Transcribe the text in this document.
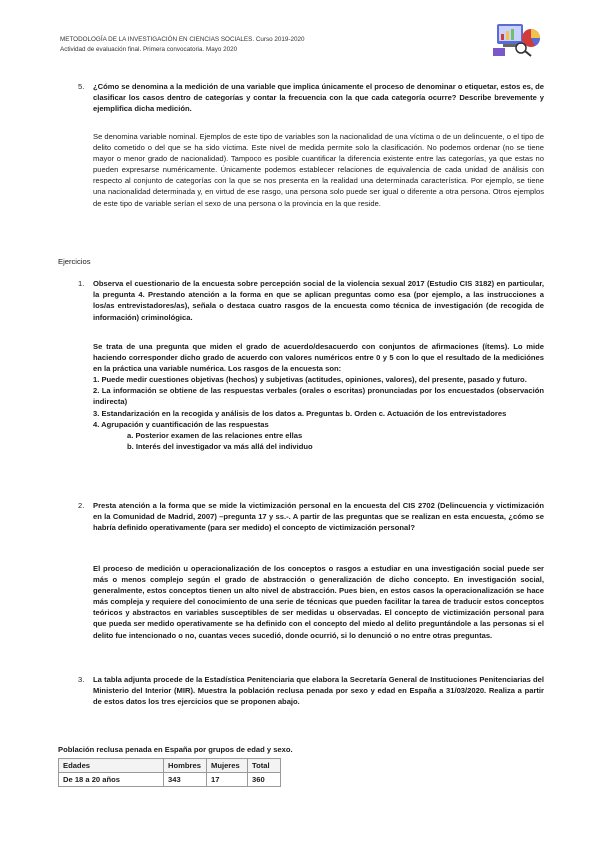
METODOLOGÍA DE LA INVESTIGACIÓN EN CIENCIAS SOCIALES. Curso 2019-2020
Actividad de evaluación final. Primera convocatoria. Mayo 2020
5. ¿Cómo se denomina a la medición de una variable que implica únicamente el proceso de denominar o etiquetar, estos es, de clasificar los casos dentro de categorías y contar la frecuencia con la que cada categoría ocurre? Describe brevemente y ejemplifica dicha medición.
Se denomina variable nominal. Ejemplos de este tipo de variables son la nacionalidad de una víctima o de un delincuente, o el tipo de delito cometido o del que se ha sido víctima. Este nivel de medida permite solo la clasificación. No podemos ordenar (no se tiene mayor o menor grado de nacionalidad). Tampoco es posible cuantificar la diferencia existente entre las categorías, ya que estas no pueden expresarse numéricamente. Únicamente podemos establecer relaciones de equivalencia de cada unidad de análisis con respecto al conjunto de categorías con la que se nos presenta en la realidad una determinada característica. Por ejemplo, se tiene una nacionalidad determinada y, en virtud de ese rasgo, una persona solo puede ser igual o diferente a otra persona. Otros ejemplos de este tipo de variable serían el sexo de una persona o la provincia en la que reside.
Ejercicios
1. Observa el cuestionario de la encuesta sobre percepción social de la violencia sexual 2017 (Estudio CIS 3182) en particular, la pregunta 4. Prestando atención a la forma en que se aplican preguntas como esa (por ejemplo, a las instrucciones a los/as entrevistadores/as), señala o destaca cuatro rasgos de la encuesta como técnica de investigación (de recogida de información) criminológica.
Se trata de una pregunta que miden el grado de acuerdo/desacuerdo con conjuntos de afirmaciones (ítems). Lo mide haciendo corresponder dicho grado de acuerdo con valores numéricos entre 0 y 5 con lo que el resultado de la mediciónes en la práctica una variable numérica. Los rasgos de la encuesta son:
1. Puede medir cuestiones objetivas (hechos) y subjetivas (actitudes, opiniones, valores), del presente, pasado y futuro.
2. La información se obtiene de las respuestas verbales (orales o escritas) pronunciadas por los encuestados (observación indirecta)
3. Estandarización en la recogida y análisis de los datos a. Preguntas b. Orden c. Actuación de los entrevistadores
4. Agrupación y cuantificación de las respuestas
a. Posterior examen de las relaciones entre ellas
b. Interés del investigador va más allá del individuo
2. Presta atención a la forma que se mide la victimización personal en la encuesta del CIS 2702 (Delincuencia y victimización en la Comunidad de Madrid, 2007) –pregunta 17 y ss.-. A partir de las preguntas que se realizan en esta encuesta, ¿cómo se habría definido operativamente (para ser medido) el concepto de victimización personal?
El proceso de medición u operacionalización de los conceptos o rasgos a estudiar en una investigación social puede ser más o menos complejo según el grado de abstracción o generalización de dicho concepto. En investigación social, generalmente, estos conceptos tienen un alto nivel de abstracción. Pues bien, en estos casos la operacionalización se hace más compleja y requiere del conocimiento de una serie de técnicas que pueden facilitar la tarea de traducir estos conceptos teóricos y abstractos en variables susceptibles de ser medidas u observadas. El concepto de victimización personal para que pueda ser medido operativamente se ha definido con el concepto del miedo al delito preguntándole a las personas si el delito fue intencionado o no, cuantas veces sucedió, donde ocurrió, si lo denunció o no entre otras preguntas.
3. La tabla adjunta procede de la Estadística Penitenciaria que elabora la Secretaría General de Instituciones Penitenciarias del Ministerio del Interior (MIR). Muestra la población reclusa penada por sexo y edad en España a 31/03/2020. Realiza a partir de estos datos los tres ejercicios que se proponen abajo.
Población reclusa penada en España por grupos de edad y sexo.
Edades	Hombres	Mujeres	Total
De 18 a 20 años	343	17	360
